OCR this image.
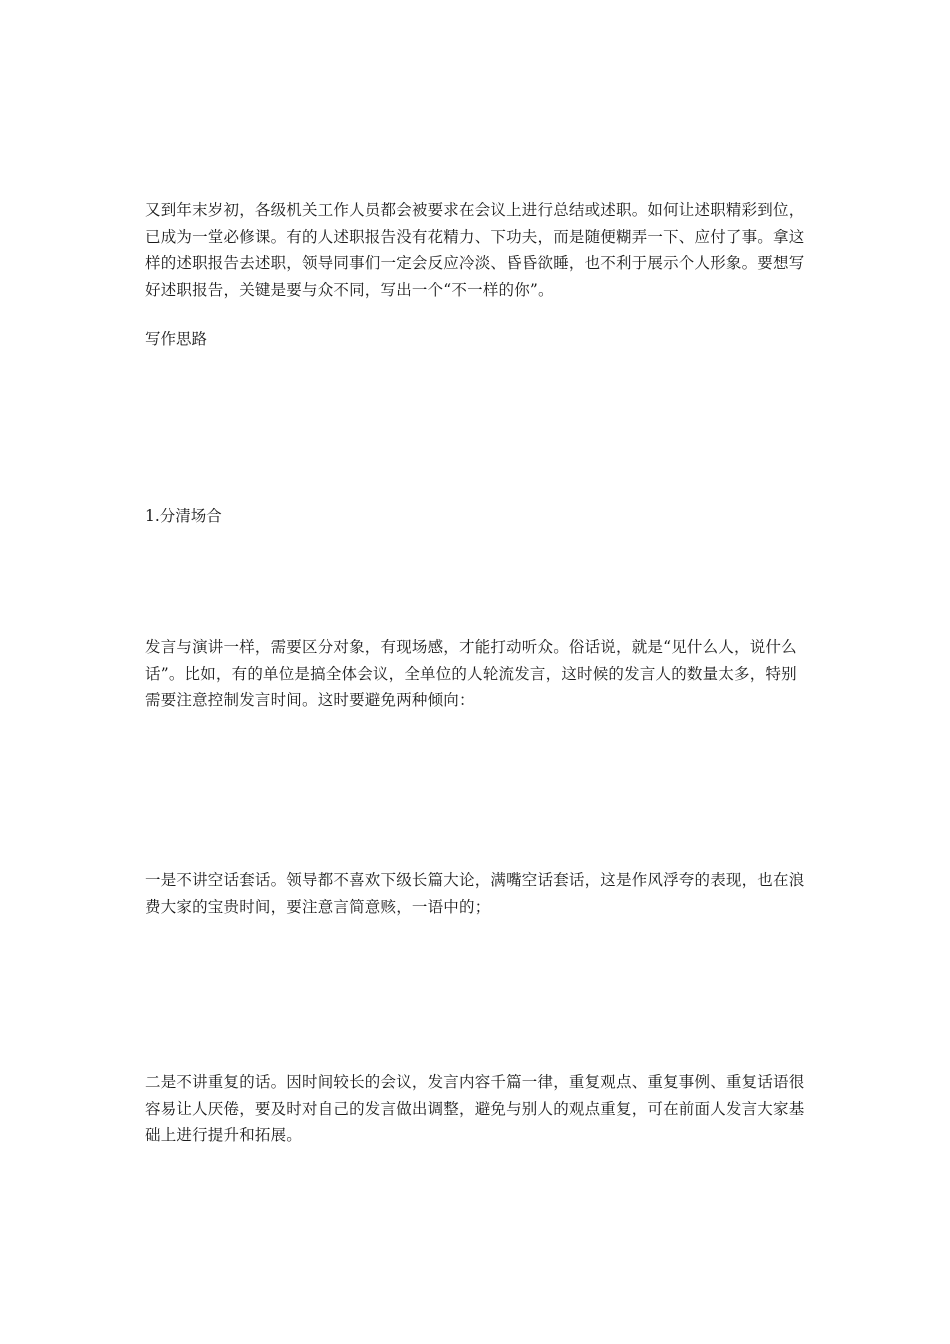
又到年末岁初，各级机关工作人员都会被要求在会议上进行总结或述职。如何让述职精彩到位，已成为一堂必修课。有的人述职报告没有花精力、下功夫，而是随便糊弄一下、应付了事。拿这样的述职报告去述职，领导同事们一定会反应冷淡、昏昏欲睡，也不利于展示个人形象。要想写好述职报告，关键是要与众不同，写出一个“不一样的你”。

写作思路

1.分清场合

发言与演讲一样，需要区分对象，有现场感，才能打动听众。俗话说，就是“见什么人，说什么话”。比如，有的单位是搞全体会议，全单位的人轮流发言，这时候的发言人的数量太多，特别需要注意控制发言时间。这时要避免两种倾向：

一是不讲空话套话。领导都不喜欢下级长篇大论，满嘴空话套话，这是作风浮夸的表现，也在浪费大家的宝贵时间，要注意言简意赅，一语中的；

二是不讲重复的话。因时间较长的会议，发言内容千篇一律，重复观点、重复事例、重复话语很容易让人厌倦，要及时对自己的发言做出调整，避免与别人的观点重复，可在前面人发言大家基础上进行提升和拓展。
